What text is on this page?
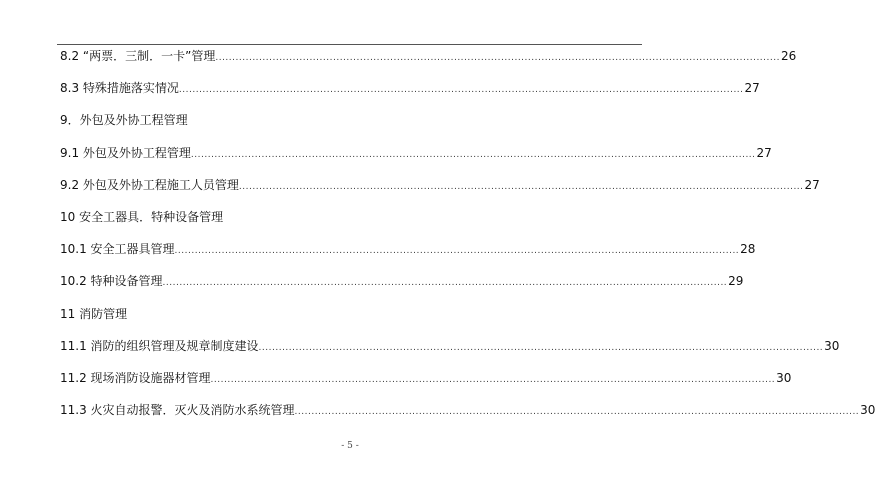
8.2 “两票．三制．一卡”管理 ........................................................................................................................................................................ 26
8.3 特殊措施落实情况 ........................................................................................................................................................................ 27
9．外包及外协工程管理
9.1 外包及外协工程管理 ........................................................................................................................................................................ 27
9.2 外包及外协工程施工人员管理 ........................................................................................................................................................................ 27
10 安全工器具．特种设备管理
10.1 安全工器具管理 ........................................................................................................................................................................ 28
10.2 特种设备管理 ........................................................................................................................................................................ 29
11 消防管理
11.1 消防的组织管理及规章制度建设 ........................................................................................................................................................................ 30
11.2 现场消防设施器材管理 ........................................................................................................................................................................ 30
11.3 火灾自动报警．灭火及消防水系统管理 ........................................................................................................................................................................ 30
- 5 -
